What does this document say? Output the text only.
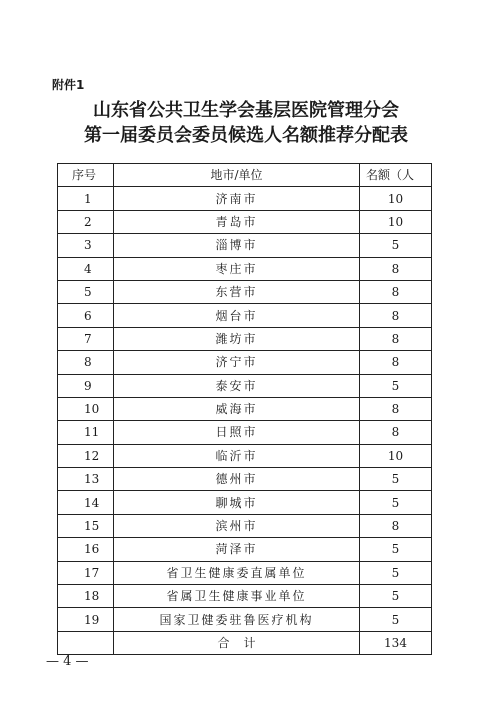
附件1
山东省公共卫生学会基层医院管理分会
第一届委员会委员候选人名额推荐分配表
序号	地市/单位	名额（人
1	济南市	10
2	青岛市	10
3	淄博市	5
4	枣庄市	8
5	东营市	8
6	烟台市	8
7	潍坊市	8
8	济宁市	8
9	泰安市	5
10	威海市	8
11	日照市	8
12	临沂市	10
13	德州市	5
14	聊城市	5
15	滨州市	8
16	菏泽市	5
17	省卫生健康委直属单位	5
18	省属卫生健康事业单位	5
19	国家卫健委驻鲁医疗机构	5
	合计	134
— 4 —
